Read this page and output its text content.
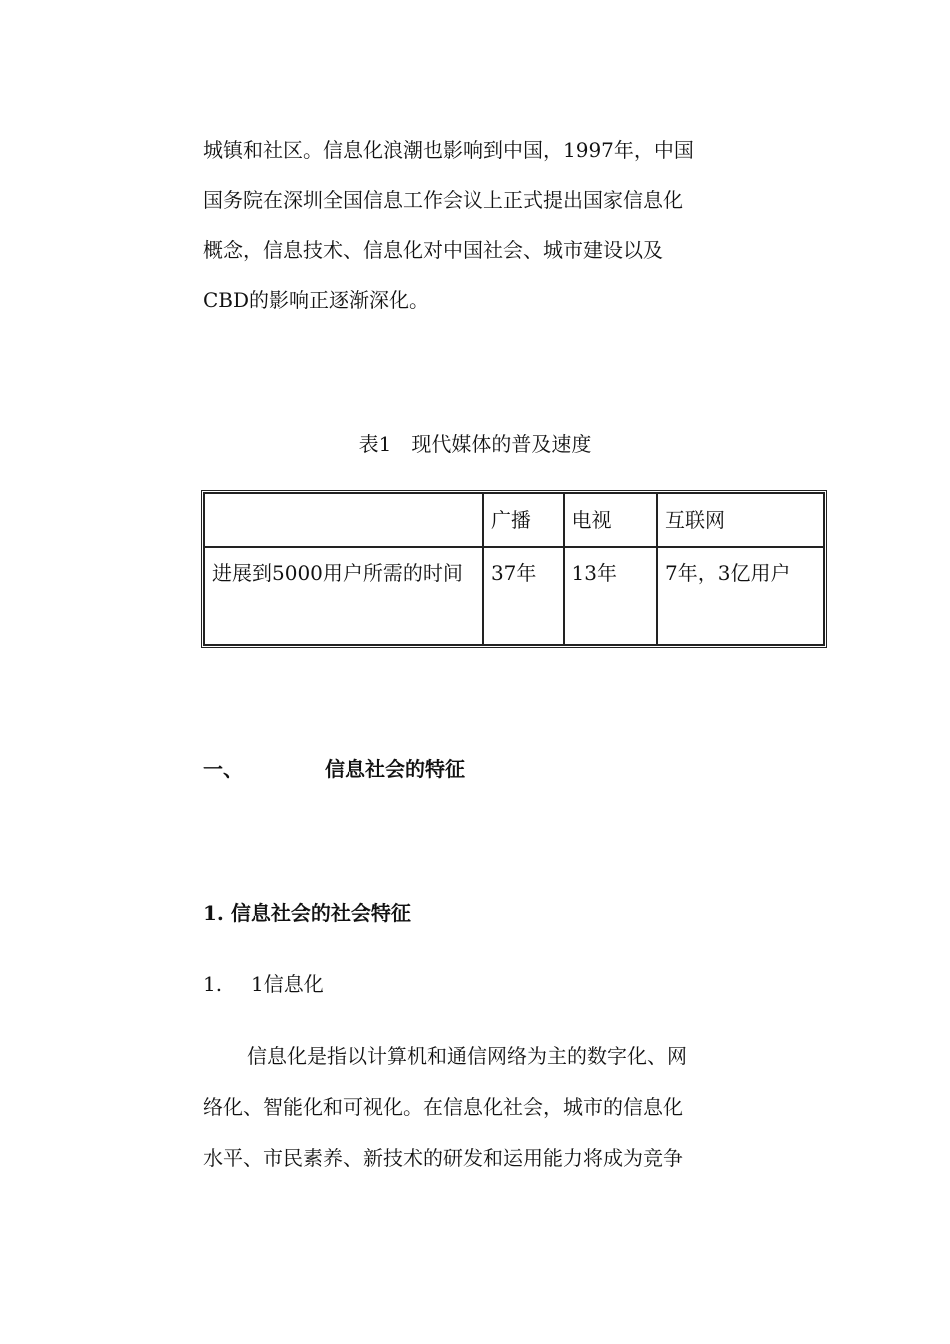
城镇和社区。信息化浪潮也影响到中国，1997年，中国
国务院在深圳全国信息工作会议上正式提出国家信息化
概念，信息技术、信息化对中国社会、城市建设以及
CBD的影响正逐渐深化。
表1　现代媒体的普及速度
	广播	电视	互联网
进展到5000用户所需的时间	37年	13年	7年，3亿用户
一、	信息社会的特征
1. 信息社会的社会特征
1. 1信息化
信息化是指以计算机和通信网络为主的数字化、网
络化、智能化和可视化。在信息化社会，城市的信息化
水平、市民素养、新技术的研发和运用能力将成为竞争
